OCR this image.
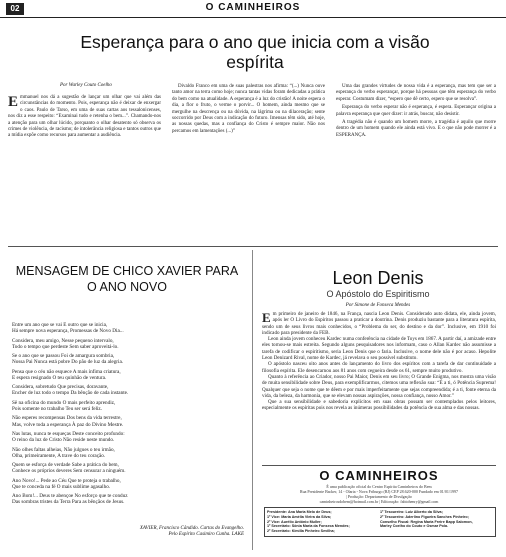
02	O CAMINHEIROS
Esperança para o ano que inicia com a visão espírita
Por Warley Couto Coelho

Emmanuel nos dá a sugestão de lançar um olhar que vai além das circunstâncias do momento. Pois, esperança não é deixar de enxergar o caos. Paulo de Tarso, em uma de suas cartas aos tessalonicenses, nos diz a esse respeito: “Examinai tudo e retenha o bem...”. Chamando-nos a atenção para um olhar lúcido, porquanto o olhar desatento só observa os crimes de violência, de racismo; de intolerância religiosa e tantos outros que a mídia expõe como recursos para aumentar a audiência.

Divaldo Franco em uma de suas palestras nos afirma: “(...) Nunca ouve tanto amor na terra como hoje; nunca tantas vidas foram dedicadas a prática do bem como na atualidade. A esperança é a luz do cristão! A noite espera o dia, a flor o fruto, o verme o porvir... O homem, ainda mesmo que se mergulhe na descrença ou na dúvida, na lágrima ou na dilaceração; sente soccorrido por Deus com a indicação do futuro. Imensas têm sido, até hoje, as nossas quedas, mas a confiança do Cristo é sempre maior. Não nos percamos em lamentações (...)”

Uma das grandes virtudes de nossa vida é a esperança, mas tem que ser a esperança do verbo esperançar, porque há pessoas que têm esperança do verbo esperar. Costumam dizer, “espero que dê certo, espero que se resolva”.

Esperança do verbo esperar não é esperança, é espera. Esperançar origina a palavra esperança que quer dizer: ir atrás, buscar, não desistir.

A tragédia não é quando um homem morre, a tragédia é aquilo que morre dentro de um homem quando ele ainda está vivo. E o que não pode morrer é a ESPERANÇA.

MENSAGEM DE CHICO XAVIER PARA O ANO NOVO
Entre um ano que se vai E outro que se inicia,
Há sempre nova esperança, Promessas de Novo Dia...
Considera, meu amigo, Nesse pequeno intervalo,
Todo o tempo que perdeste Sem saber aproveitá-lo.
Se o ano que se passou Foi de amargura sombria,
Nossa Pai Nunca está pobre Do pão de luz da alegria.
Pensa que o céu não esquece A mais ínfima criatura,
E espera resignado O teu quinhão de ventura.
Considera, sobretudo Que precisas, doravante,
Encher de luz todo o tempo Da bênção de cada instante.
Sê na oficina do mundo O mais perfeito aprendiz,
Pois somente no trabalho Teu ser será feliz.
Não esperes recompensas Dos bens da vida terrestre,
Mas, volve toda a esperança À paz do Divino Mestre.
Nas lutas, nunca te esqueças Deste conceito profundo:
O reino da luz de Cristo Não reside neste mundo.
Não olhes faltas alheias, Não julgues o teu irmão,
Olha, primeiramente, A trave do teu coração.
Quem se esforça de verdade Sabe a prática do bem,
Conhece os próprios deveres Sem censurar a ninguém.
Ano Novo!... Pede ao Céu Que te proteja o trabalho,
Que te conceda na fé O mais sublime agasalho.
Ano Bom!... Deus te abençoe No esforço que te conduz
Das sombras tristes da Terra Para as bênçãos de Jesus.
XAVIER, Francisco Cândido. Cartas do Evangelho.
Pelo Espírito Casimiro Cunha. LAKE
Leon Denis
O Apóstolo do Espiritismo
Por Simone de Fonseca Mendes

Em primeiro de janeiro de 1846, na França, nascia Leon Denis. Considerado auto didata, ele, ainda jovem, após ler O Livro do Espíritos passou a praticar a doutrina. Denis produziu bastante para a literatura espírita, sendo um de seus livros mais conhecidos, o “Problema do ser, do destino e da dor”. Inclusive, em 1910 foi indicado para presidente da FEB.

Leon ainda jovem conheceu Kardec numa conferência na cidade de Toys em 1867. A partir daí, a amizade entre eles tornou-se mais estreita. Segundo alguns pesquisadores nos informam, caso o Allan Kardec não assumisse a tarefa de codificar o espiritismo, seria Leon Denis que o faria. Inclusive, o nome dele não é por acaso. Hepolite Leon Denizard Rival, nome de Kardec, já revelava o seu possível substituto.

O apóstolo nasceu oito anos antes do lançamento do livro dos espíritos com a tarefa de dar continuidade a filosofia espírita. Ele desencarnou aos 81 anos com cegueira desde os 61, sempre muito produtivo.

Quanto à referência ao Criador, nosso Pai Maior, Denis em seu livro; O Grande Enigma, nos mostra uma visão de muita sensibilidade sobre Deus, para exemplificarmos, citemos uma reflexão sua: “É a ti, ó Potência Suprema! Qualquer que seja o nome que te dêem e por mais imperfeitamente que sejas compreendida; é a ti, fonte eterna da vida, da beleza, da harmonia, que se elevam nossas aspirações, nossa confiança, nosso Amor.”

Que a sua sensibilidade e sabedoria explícitos em suas obras possam ser contemplados pelos leitores, especialmente os espíritas pois nos revela as inúmeras possibilidades da potência de sua alma e das nossas.

O CAMINHEIROS
É uma publicação oficial do Centro Espírita Caminheiros do Bem
Rua Presidente Backer, 14 - Olaria - Nova Friburgo (RJ) CEP 28.620-000 Fundado em 01/01/1997
| Produção: Departamento de Divulgação
caminheirosdobem@hotmail.com.br | Editoração: fabiohenry@gmail.com
Presidente: Ana Maria Melo de Deus;
1º Vice: Maria Amélia Vieira da Silva;
2º Vice: Aurélio Antônio Muller;
1º Secretário: Sônia Maria da Fonseca Mendes;
2º Secretário: Kimilla Pinheiro Sevilha;
1º Tesoureiro: Luiz Alberto da Silva;
2º Tesoureiro: Aderlino Figueira Sanches Pinheiro;
Conselho Fiscal: Regina Maria Freire Bapp Salomon,
Marley Coelho do Couto e Osmar Pola.
